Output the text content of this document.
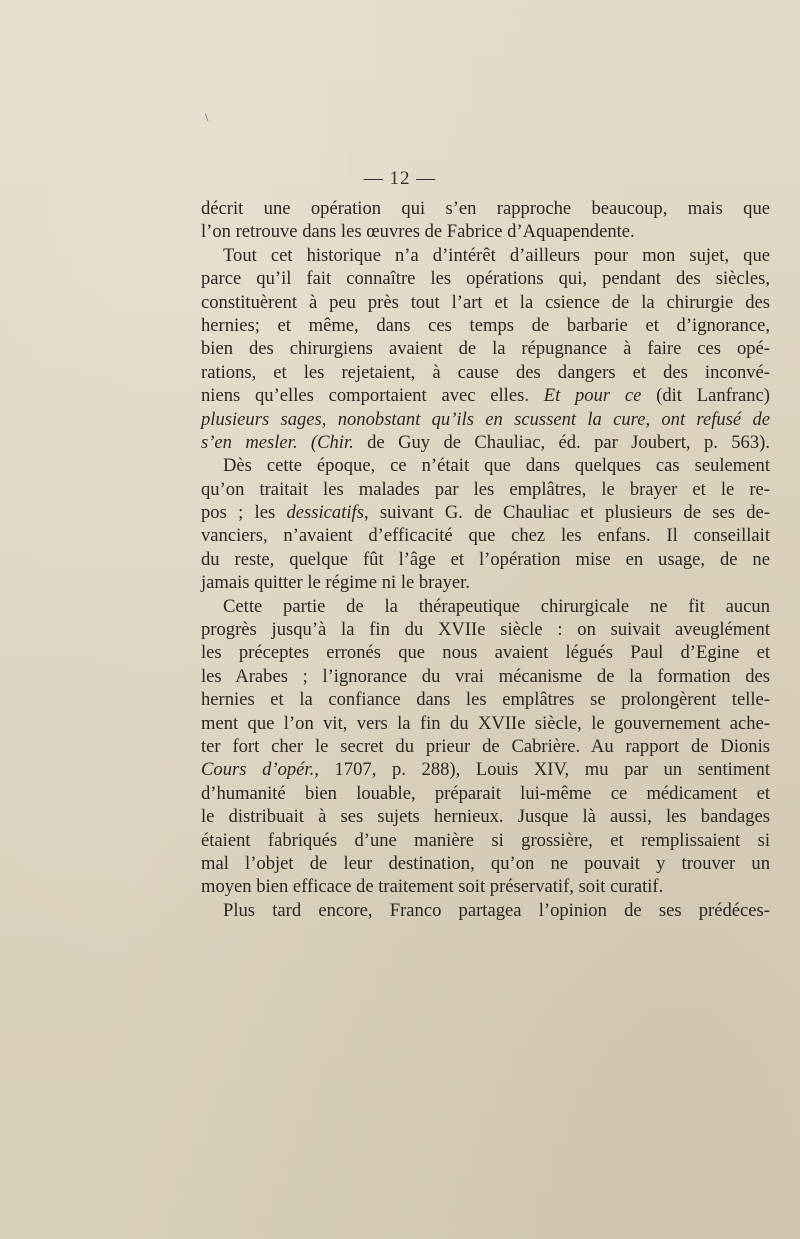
\
— 12 —
décrit une opération qui s’en rapproche beaucoup, mais que
l’on retrouve dans les œuvres de Fabrice d’Aquapendente.
Tout cet historique n’a d’intérêt d’ailleurs pour mon sujet, que
parce qu’il fait connaître les opérations qui, pendant des siècles,
constituèrent à peu près tout l’art et la csience de la chirurgie des
hernies; et même, dans ces temps de barbarie et d’ignorance,
bien des chirurgiens avaient de la répugnance à faire ces opé-
rations, et les rejetaient, à cause des dangers et des inconvé-
niens qu’elles comportaient avec elles. Et pour ce (dit Lanfranc)
plusieurs sages, nonobstant qu’ils en scussent la cure, ont refusé de
s’en mesler. (Chir. de Guy de Chauliac, éd. par Joubert, p. 563).
Dès cette époque, ce n’était que dans quelques cas seulement
qu’on traitait les malades par les emplâtres, le brayer et le re-
pos ; les dessicatifs, suivant G. de Chauliac et plusieurs de ses de-
vanciers, n’avaient d’efficacité que chez les enfans. Il conseillait
du reste, quelque fût l’âge et l’opération mise en usage, de ne
jamais quitter le régime ni le brayer.
Cette partie de la thérapeutique chirurgicale ne fit aucun
progrès jusqu’à la fin du XVIIe siècle : on suivait aveuglément
les préceptes erronés que nous avaient légués Paul d’Egine et
les Arabes ; l’ignorance du vrai mécanisme de la formation des
hernies et la confiance dans les emplâtres se prolongèrent telle-
ment que l’on vit, vers la fin du XVIIe siècle, le gouvernement ache-
ter fort cher le secret du prieur de Cabrière. Au rapport de Dionis
Cours d’opér., 1707, p. 288), Louis XIV, mu par un sentiment
d’humanité bien louable, préparait lui-même ce médicament et
le distribuait à ses sujets hernieux. Jusque là aussi, les bandages
étaient fabriqués d’une manière si grossière, et remplissaient si
mal l’objet de leur destination, qu’on ne pouvait y trouver un
moyen bien efficace de traitement soit préservatif, soit curatif.
Plus tard encore, Franco partagea l’opinion de ses prédéces-
